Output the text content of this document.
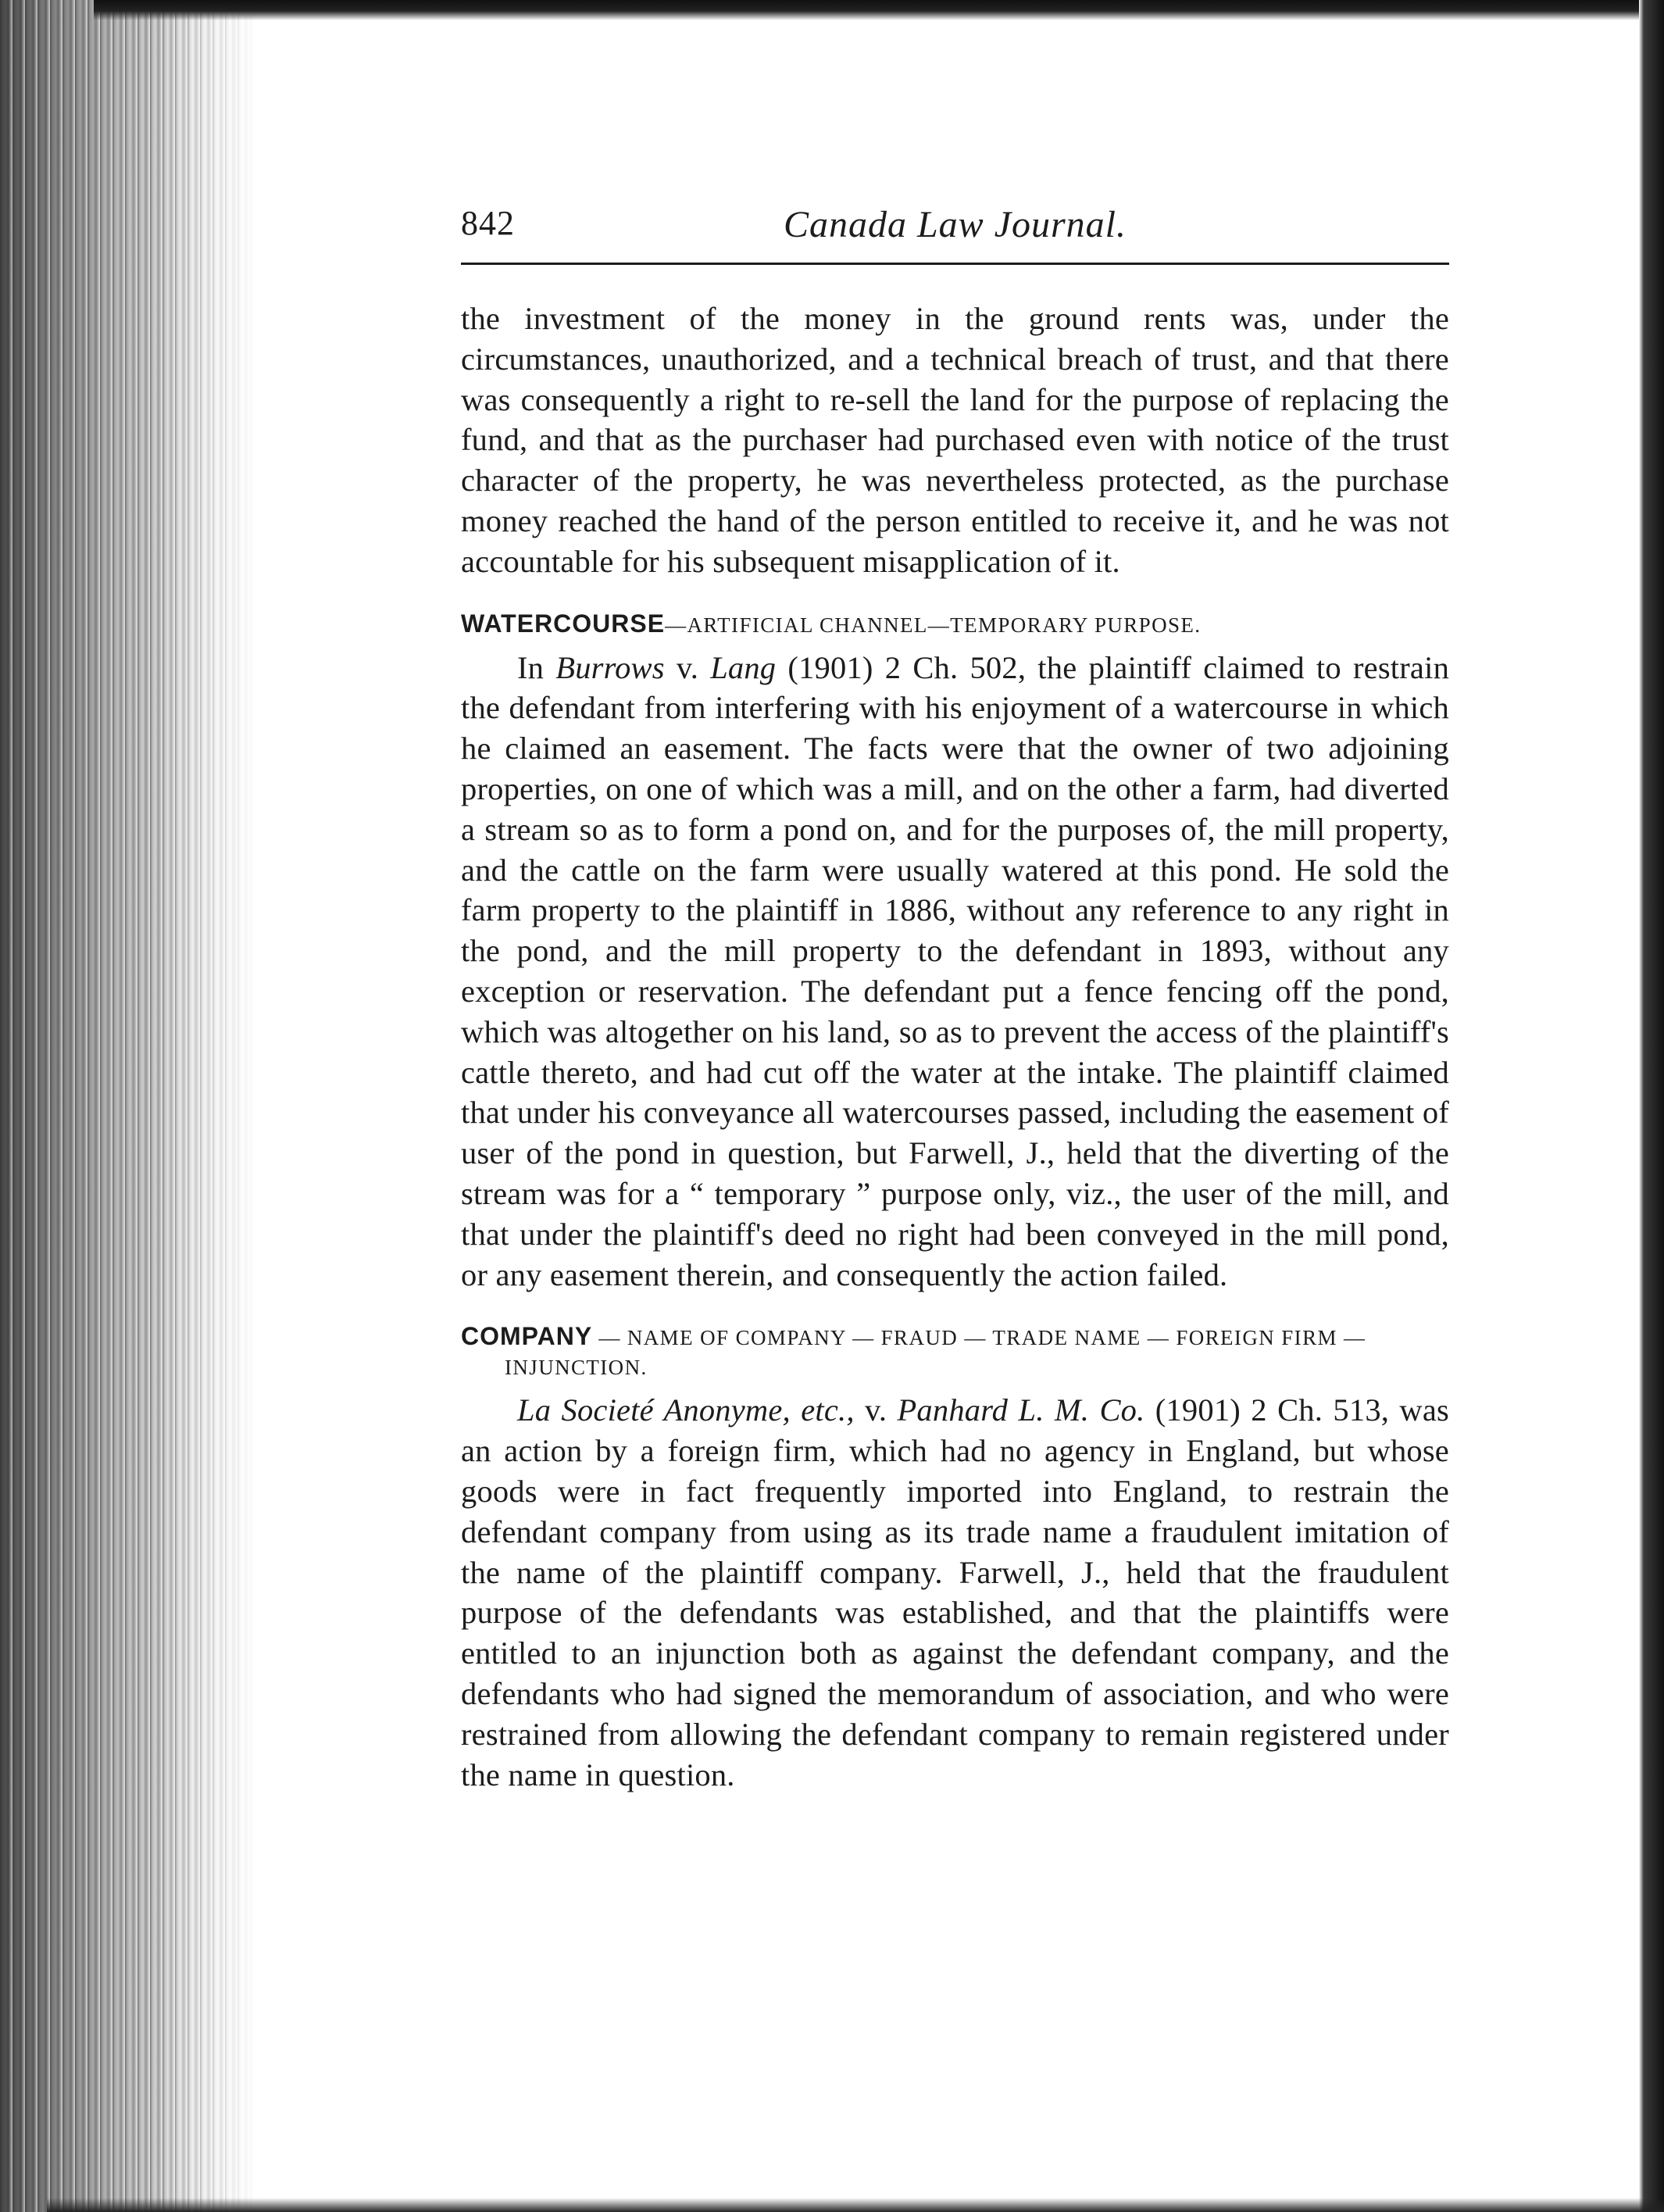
842	Canada Law Journal.

the investment of the money in the ground rents was, under the circumstances, unauthorized, and a technical breach of trust, and that there was consequently a right to re-sell the land for the purpose of replacing the fund, and that as the purchaser had purchased even with notice of the trust character of the property, he was nevertheless protected, as the purchase money reached the hand of the person entitled to receive it, and he was not accountable for his subsequent misapplication of it.

WATERCOURSE—ARTIFICIAL CHANNEL—TEMPORARY PURPOSE.

In Burrows v. Lang (1901) 2 Ch. 502, the plaintiff claimed to restrain the defendant from interfering with his enjoyment of a watercourse in which he claimed an easement. The facts were that the owner of two adjoining properties, on one of which was a mill, and on the other a farm, had diverted a stream so as to form a pond on, and for the purposes of, the mill property, and the cattle on the farm were usually watered at this pond. He sold the farm property to the plaintiff in 1886, without any reference to any right in the pond, and the mill property to the defendant in 1893, without any exception or reservation. The defendant put a fence fencing off the pond, which was altogether on his land, so as to prevent the access of the plaintiff's cattle thereto, and had cut off the water at the intake. The plaintiff claimed that under his conveyance all watercourses passed, including the easement of user of the pond in question, but Farwell, J., held that the diverting of the stream was for a “ temporary ” purpose only, viz., the user of the mill, and that under the plaintiff's deed no right had been conveyed in the mill pond, or any easement therein, and consequently the action failed.

COMPANY — NAME OF COMPANY — FRAUD — TRADE NAME — FOREIGN FIRM —
INJUNCTION.

La Societé Anonyme, etc., v. Panhard L. M. Co. (1901) 2 Ch. 513, was an action by a foreign firm, which had no agency in England, but whose goods were in fact frequently imported into England, to restrain the defendant company from using as its trade name a fraudulent imitation of the name of the plaintiff company. Farwell, J., held that the fraudulent purpose of the defendants was established, and that the plaintiffs were entitled to an injunction both as against the defendant company, and the defendants who had signed the memorandum of association, and who were restrained from allowing the defendant company to remain registered under the name in question.
